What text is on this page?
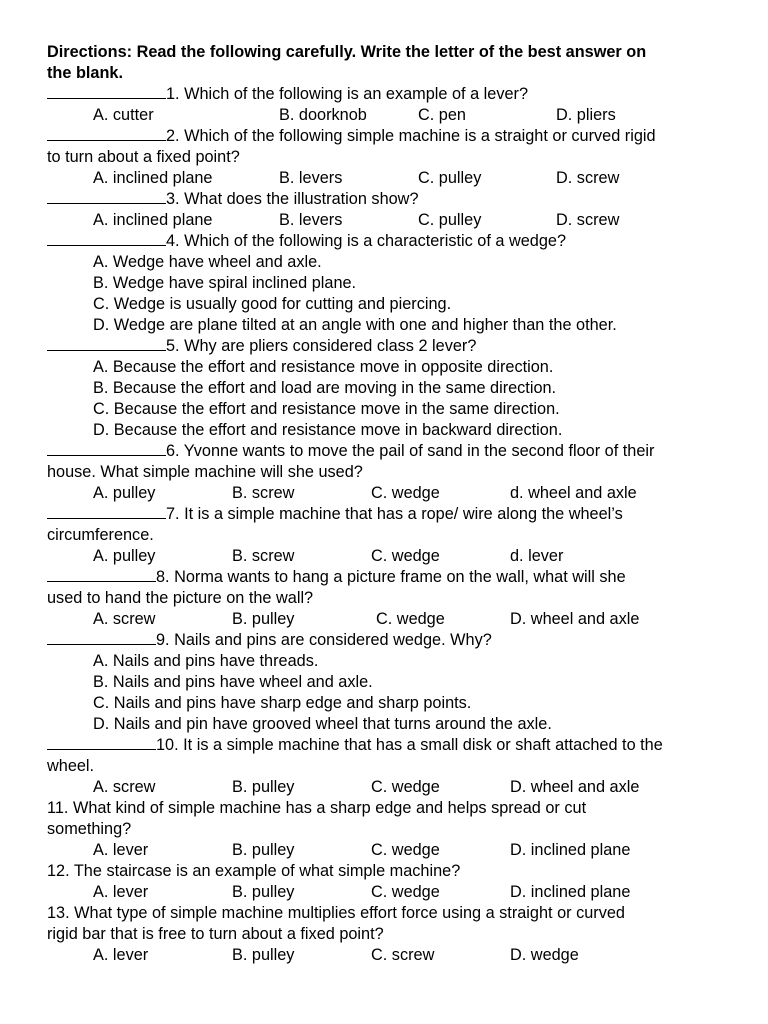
Directions: Read the following carefully. Write the letter of the best answer on
the blank.
1. Which of the following is an example of a lever?
A. cutter	B. doorknob	C. pen	D. pliers
2. Which of the following simple machine is a straight or curved rigid
to turn about a fixed point?
A. inclined plane	B. levers	C. pulley	D. screw
3. What does the illustration show?
A. inclined plane	B. levers	C. pulley	D. screw
4. Which of the following is a characteristic of a wedge?
A. Wedge have wheel and axle.
B. Wedge have spiral inclined plane.
C. Wedge is usually good for cutting and piercing.
D. Wedge are plane tilted at an angle with one and higher than the other.
5. Why are pliers considered class 2 lever?
A. Because the effort and resistance move in opposite direction.
B. Because the effort and load are moving in the same direction.
C. Because the effort and resistance move in the same direction.
D. Because the effort and resistance move in backward direction.
6. Yvonne wants to move the pail of sand in the second floor of their
house. What simple machine will she used?
A. pulley	B. screw	C. wedge	d. wheel and axle
7. It is a simple machine that has a rope/ wire along the wheel’s
circumference.
A. pulley	B. screw	C. wedge	d. lever
8. Norma wants to hang a picture frame on the wall, what will she
used to hand the picture on the wall?
A. screw	B. pulley	C. wedge	D. wheel and axle
9. Nails and pins are considered wedge. Why?
A. Nails and pins have threads.
B. Nails and pins have wheel and axle.
C. Nails and pins have sharp edge and sharp points.
D. Nails and pin have grooved wheel that turns around the axle.
10. It is a simple machine that has a small disk or shaft attached to the
wheel.
A. screw	B. pulley	C. wedge	D. wheel and axle
11. What kind of simple machine has a sharp edge and helps spread or cut
something?
A. lever	B. pulley	C. wedge	D. inclined plane
12. The staircase is an example of what simple machine?
A. lever	B. pulley	C. wedge	D. inclined plane
13. What type of simple machine multiplies effort force using a straight or curved
rigid bar that is free to turn about a fixed point?
A. lever	B. pulley	C. screw	D. wedge
